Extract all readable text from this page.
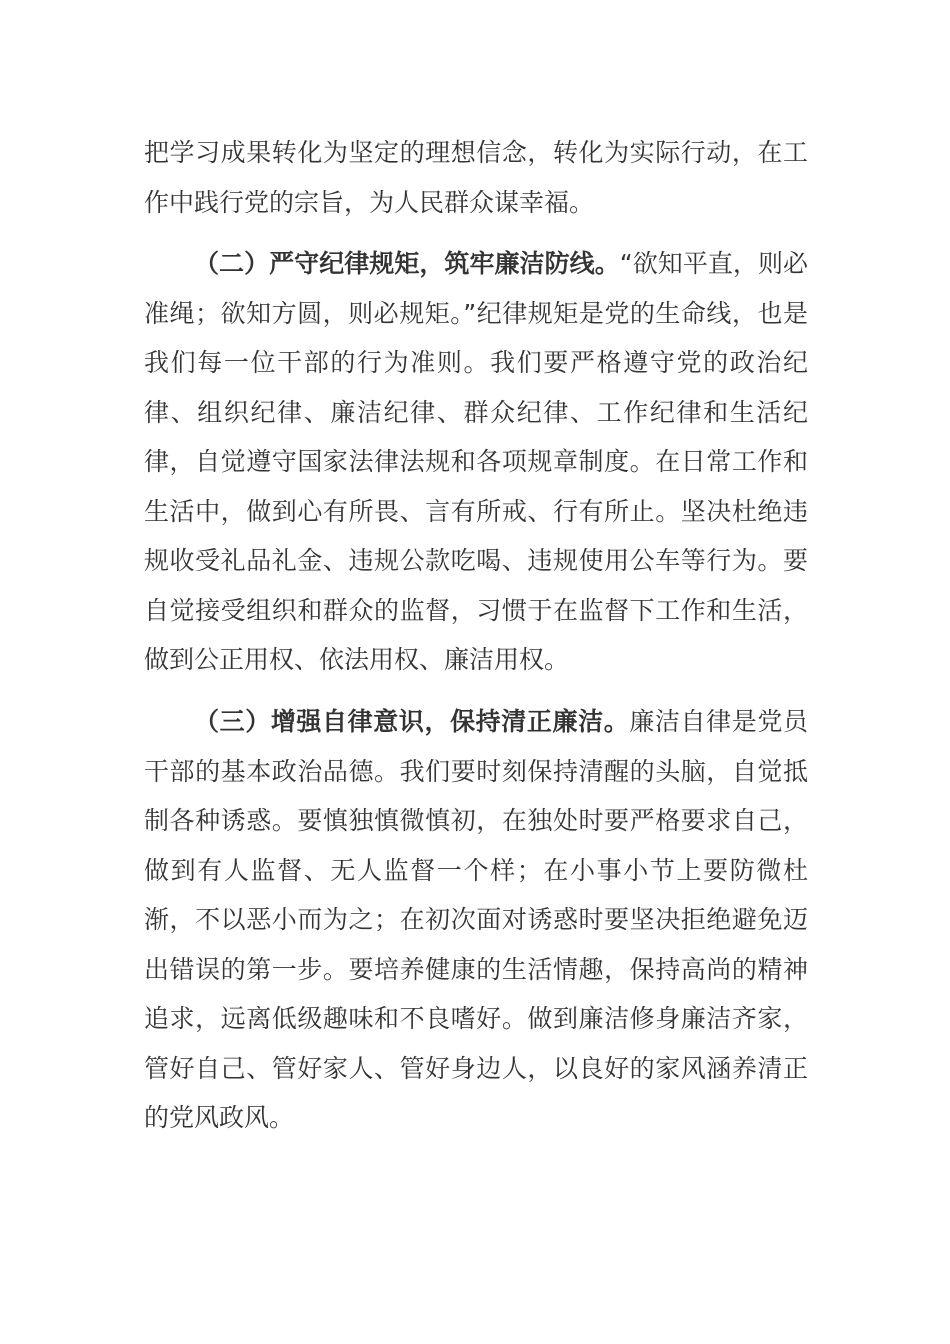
把学习成果转化为坚定的理想信念，转化为实际行动，在工作中践行党的宗旨，为人民群众谋幸福。

（二）严守纪律规矩，筑牢廉洁防线。“欲知平直，则必准绳；欲知方圆，则必规矩。”纪律规矩是党的生命线，也是我们每一位干部的行为准则。我们要严格遵守党的政治纪律、组织纪律、廉洁纪律、群众纪律、工作纪律和生活纪律，自觉遵守国家法律法规和各项规章制度。在日常工作和生活中，做到心有所畏、言有所戒、行有所止。坚决杜绝违规收受礼品礼金、违规公款吃喝、违规使用公车等行为。要自觉接受组织和群众的监督，习惯于在监督下工作和生活，做到公正用权、依法用权、廉洁用权。

（三）增强自律意识，保持清正廉洁。廉洁自律是党员干部的基本政治品德。我们要时刻保持清醒的头脑，自觉抵制各种诱惑。要慎独慎微慎初，在独处时要严格要求自己，做到有人监督、无人监督一个样；在小事小节上要防微杜渐，不以恶小而为之；在初次面对诱惑时要坚决拒绝避免迈出错误的第一步。要培养健康的生活情趣，保持高尚的精神追求，远离低级趣味和不良嗜好。做到廉洁修身廉洁齐家，管好自己、管好家人、管好身边人，以良好的家风涵养清正的党风政风。
